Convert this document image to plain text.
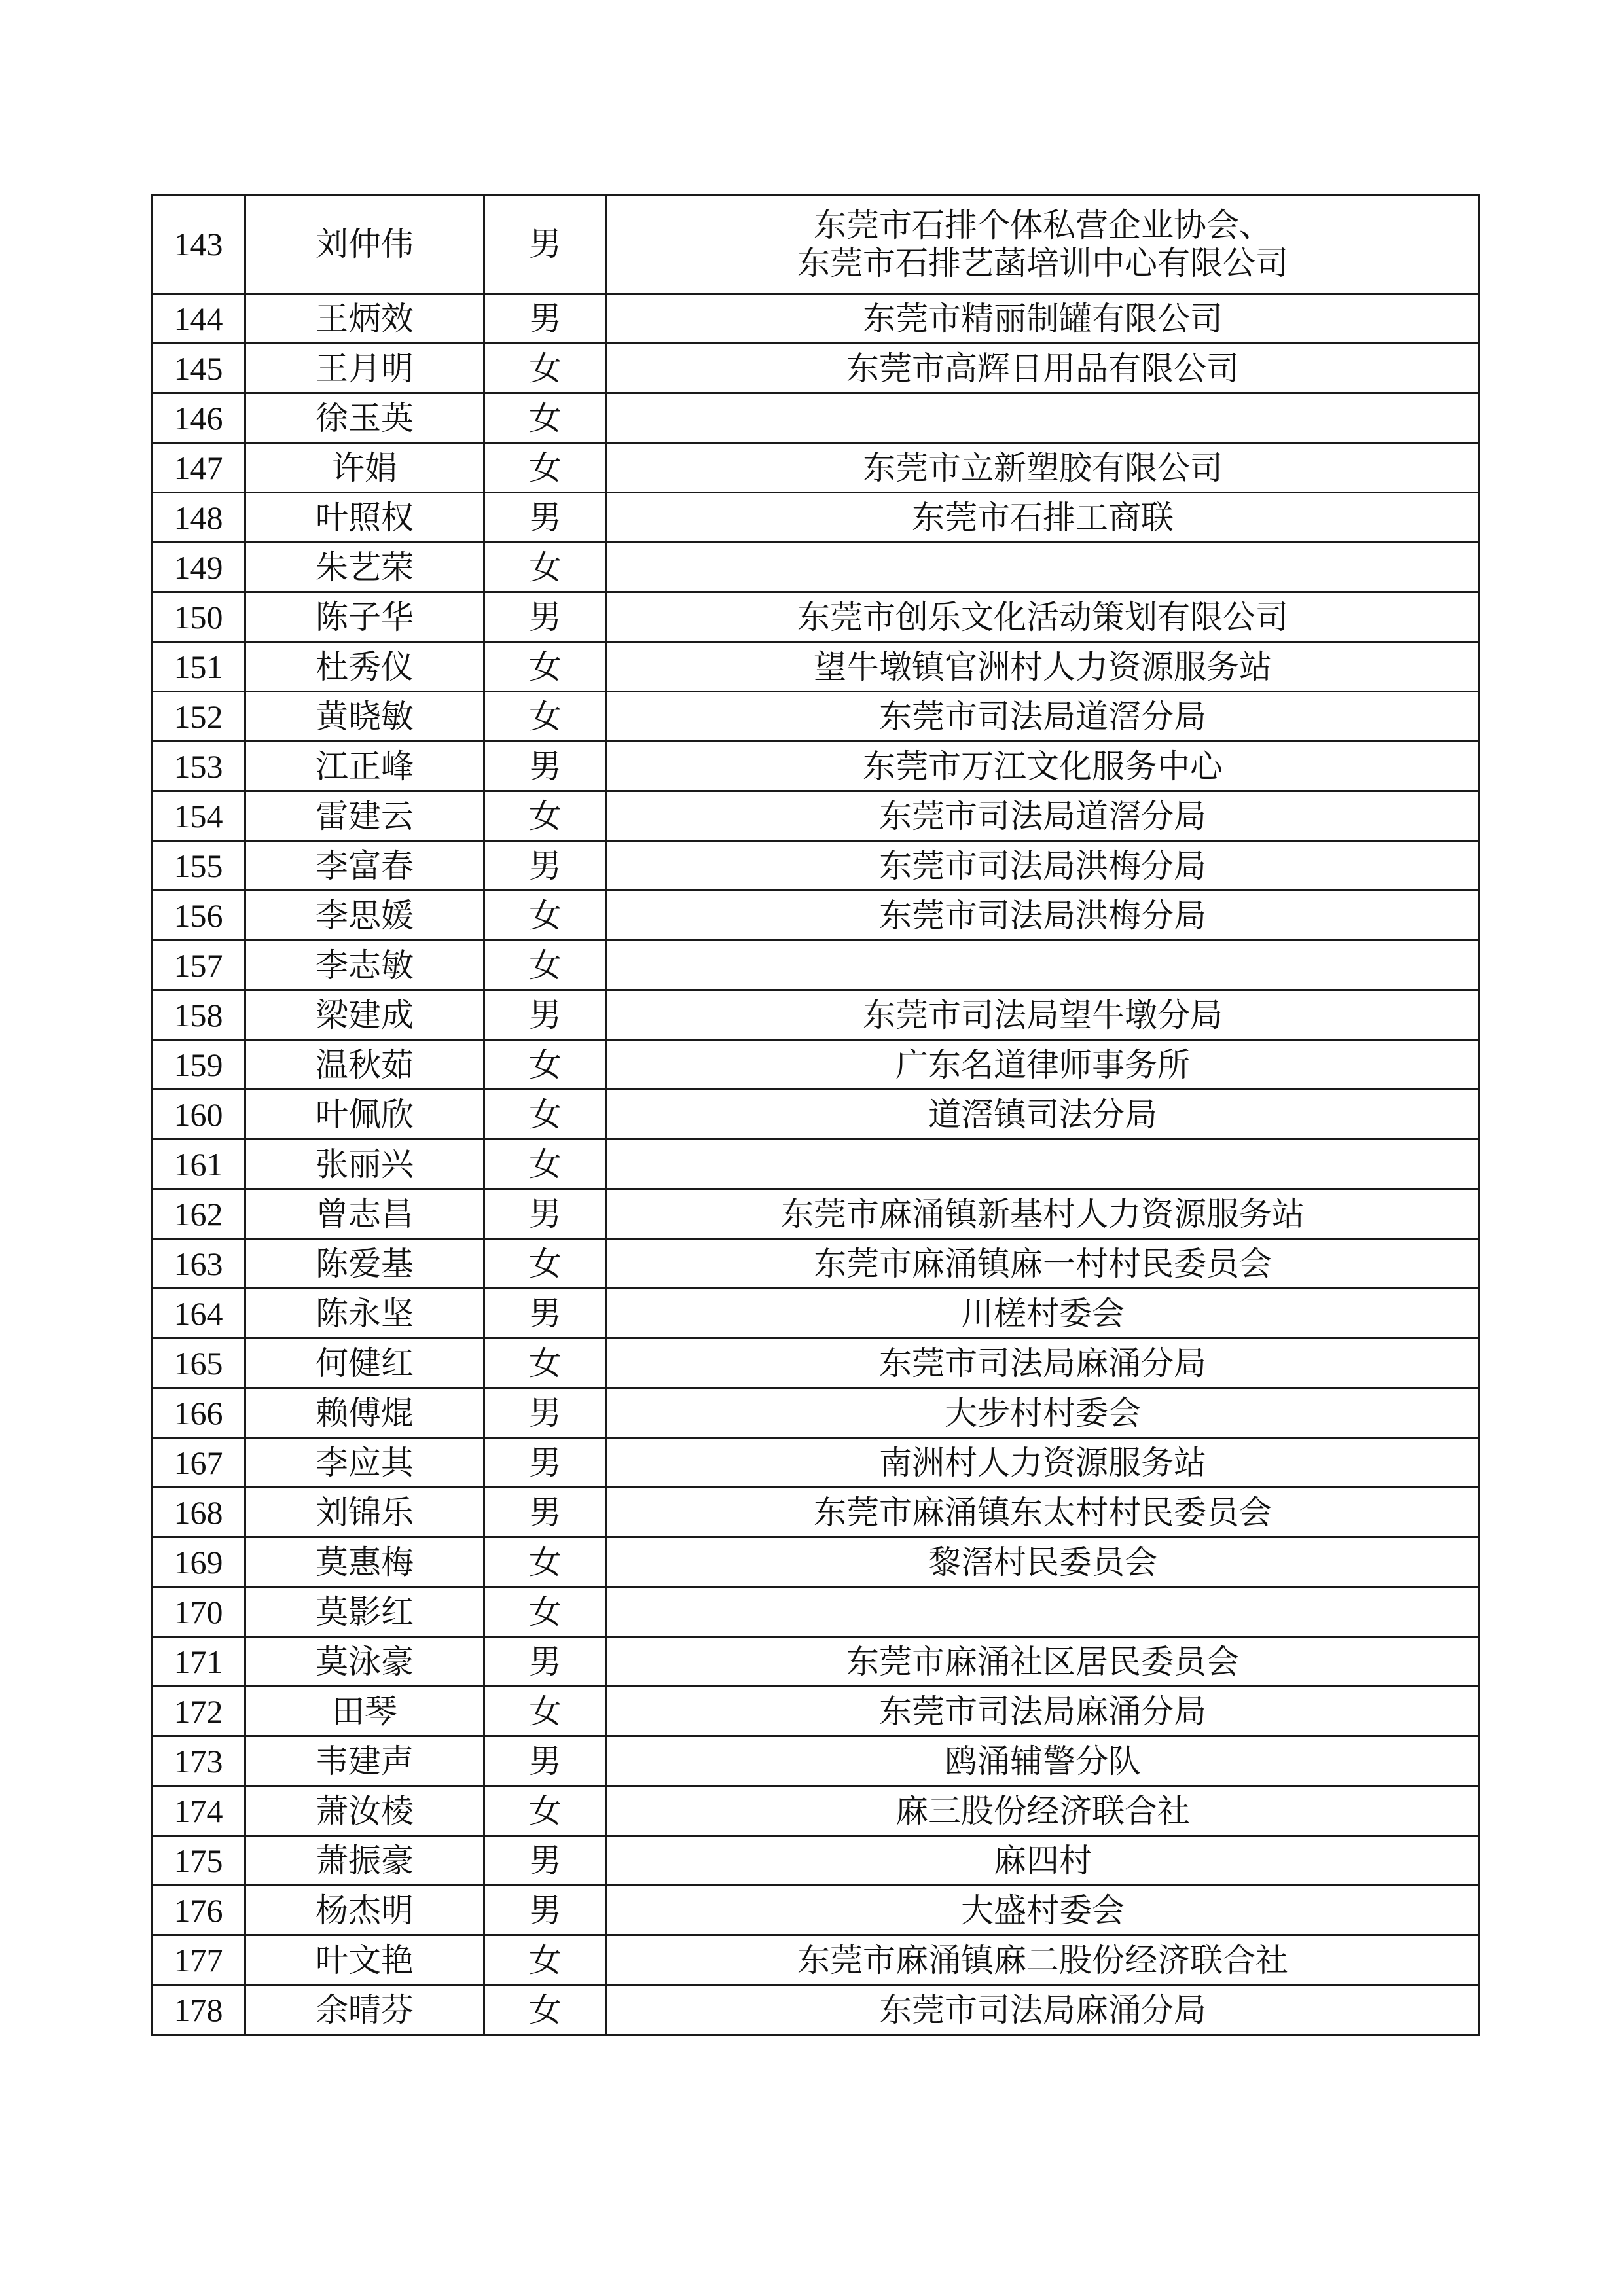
143	刘仲伟	男	东莞市石排个体私营企业协会、
东莞市石排艺菡培训中心有限公司

144	王炳效	男	东莞市精丽制罐有限公司

145	王月明	女	东莞市高辉日用品有限公司

146	徐玉英	女	

147	许娟	女	东莞市立新塑胶有限公司

148	叶照权	男	东莞市石排工商联

149	朱艺荣	女	

150	陈子华	男	东莞市创乐文化活动策划有限公司

151	杜秀仪	女	望牛墩镇官洲村人力资源服务站

152	黄晓敏	女	东莞市司法局道滘分局

153	江正峰	男	东莞市万江文化服务中心

154	雷建云	女	东莞市司法局道滘分局

155	李富春	男	东莞市司法局洪梅分局

156	李思媛	女	东莞市司法局洪梅分局

157	李志敏	女	

158	梁建成	男	东莞市司法局望牛墩分局

159	温秋茹	女	广东名道律师事务所

160	叶佩欣	女	道滘镇司法分局

161	张丽兴	女	

162	曾志昌	男	东莞市麻涌镇新基村人力资源服务站

163	陈爱基	女	东莞市麻涌镇麻一村村民委员会

164	陈永坚	男	川槎村委会

165	何健红	女	东莞市司法局麻涌分局

166	赖傅焜	男	大步村村委会

167	李应其	男	南洲村人力资源服务站

168	刘锦乐	男	东莞市麻涌镇东太村村民委员会

169	莫惠梅	女	黎滘村民委员会

170	莫影红	女	

171	莫泳豪	男	东莞市麻涌社区居民委员会

172	田琴	女	东莞市司法局麻涌分局

173	韦建声	男	鸥涌辅警分队

174	萧汝棱	女	麻三股份经济联合社

175	萧振豪	男	麻四村

176	杨杰明	男	大盛村委会

177	叶文艳	女	东莞市麻涌镇麻二股份经济联合社

178	余晴芬	女	东莞市司法局麻涌分局
